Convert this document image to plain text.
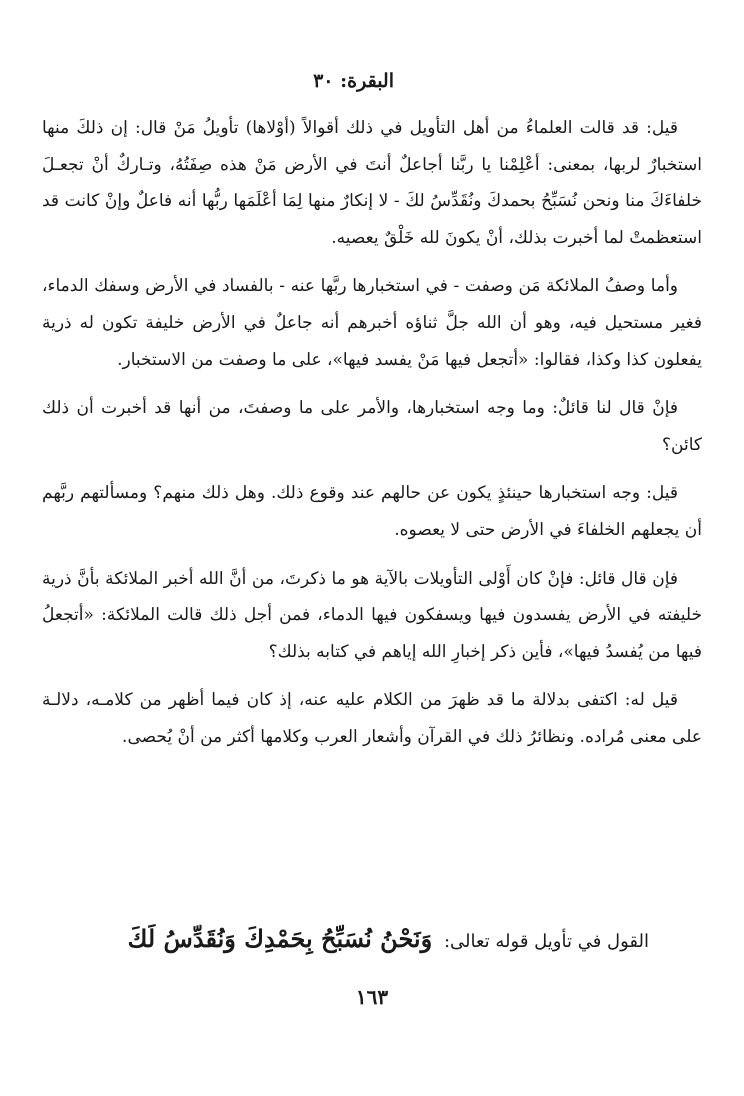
البقرة: ٣٠

قيل: قد قالت العلماءُ من أهل التأويل في ذلك أقوالاً (أوْلاها) تأويلُ مَنْ قال: إن ذلكَ منها استخبارٌ لربها، بمعنى: أعْلِمْنا يا ربَّنا أجاعلٌ أنتَ في الأرض مَنْ هذه صِفَتُهُ، وتـاركٌ أنْ تجعـلَ خلفاءَكَ منا ونحن نُسَبِّحُ بحمدكَ ونُقَدِّسُ لكَ - لا إنكارٌ منها لِمَا أعْلَمَها ربُّها أنه فاعلٌ وإنْ كانت قد استعظمتْ لما أخبرت بذلك، أنْ يكونَ لله خَلْقٌ يعصيه.

وأما وصفُ الملائكة مَن وصفت - في استخبارها ربَّها عنه - بالفساد في الأرض وسفك الدماء، فغير مستحيل فيه، وهو أن الله جلَّ ثناؤه أخبرهم أنه جاعلٌ في الأرض خليفة تكون له ذرية يفعلون كذا وكذا، فقالوا: «أتجعل فيها مَنْ يفسد فيها»، على ما وصفت من الاستخبار.

فإنْ قال لنا قائلٌ: وما وجه استخبارها، والأمر على ما وصفتَ، من أنها قد أخبرت أن ذلك كائن؟

قيل: وجه استخبارها حينئذٍ يكون عن حالهم عند وقوع ذلك. وهل ذلك منهم؟ ومسألتهم ربَّهم أن يجعلهم الخلفاءَ في الأرض حتى لا يعصوه.

فإن قال قائل: فإنْ كان أَوْلى التأويلات بالآية هو ما ذكرتَ، من أنَّ الله أخبر الملائكة بأنَّ ذرية خليفته في الأرض يفسدون فيها ويسفكون فيها الدماء، فمن أجل ذلك قالت الملائكة: «أتجعلُ فيها من يُفسدُ فيها»، فأين ذكر إخبارِ الله إياهم في كتابه بذلك؟

قيل له: اكتفى بدلالة ما قد ظهرَ من الكلام عليه عنه، إذ كان فيما أظهر من كلامـه، دلالـة على معنى مُراده. ونظائرُ ذلك في القرآن وأشعار العرب وكلامها أكثر من أنْ يُحصى.

القول في تأويل قوله تعالى: وَنَحْنُ نُسَبِّحُ بِحَمْدِكَ وَنُقَدِّسُ لَكَ
١٦٣
